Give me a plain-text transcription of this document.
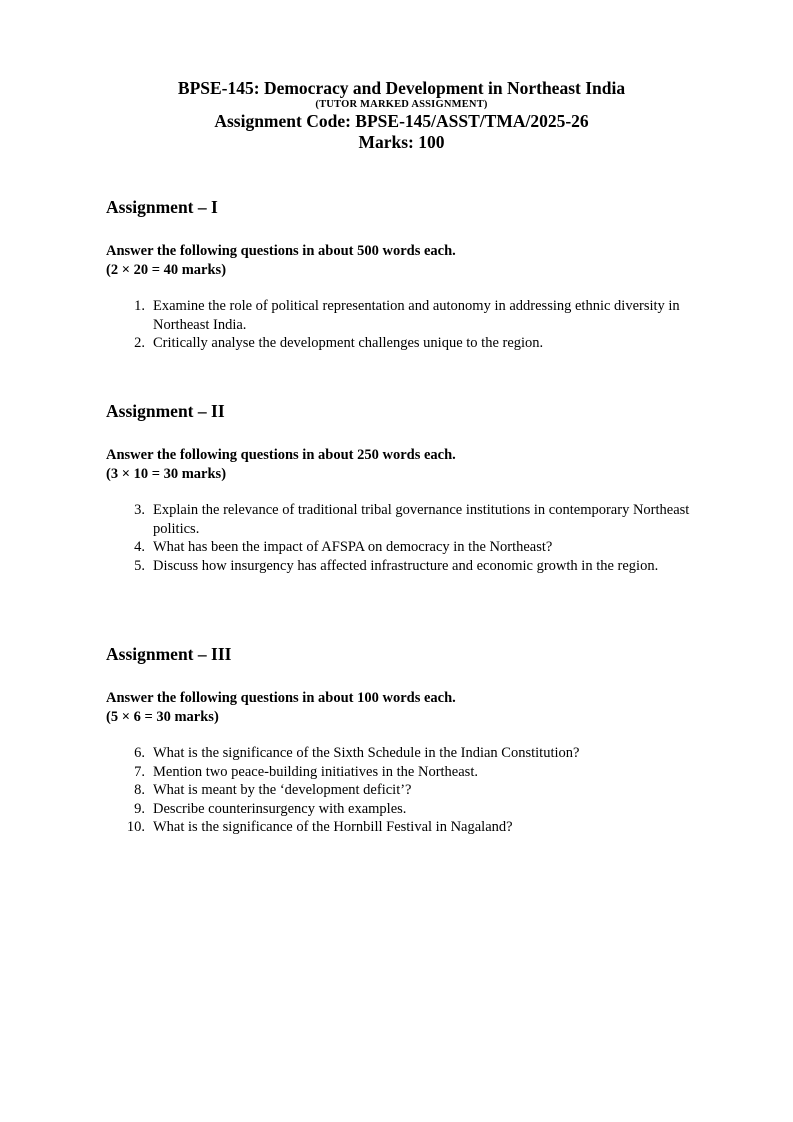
BPSE-145: Democracy and Development in Northeast India
(TUTOR MARKED ASSIGNMENT)
Assignment Code: BPSE-145/ASST/TMA/2025-26
Marks: 100
Assignment – I
Answer the following questions in about 500 words each.
(2 × 20 = 40 marks)
1. Examine the role of political representation and autonomy in addressing ethnic diversity in Northeast India.
2. Critically analyse the development challenges unique to the region.
Assignment – II
Answer the following questions in about 250 words each.
(3 × 10 = 30 marks)
3. Explain the relevance of traditional tribal governance institutions in contemporary Northeast politics.
4. What has been the impact of AFSPA on democracy in the Northeast?
5. Discuss how insurgency has affected infrastructure and economic growth in the region.
Assignment – III
Answer the following questions in about 100 words each.
(5 × 6 = 30 marks)
6. What is the significance of the Sixth Schedule in the Indian Constitution?
7. Mention two peace-building initiatives in the Northeast.
8. What is meant by the ‘development deficit’?
9. Describe counterinsurgency with examples.
10. What is the significance of the Hornbill Festival in Nagaland?
